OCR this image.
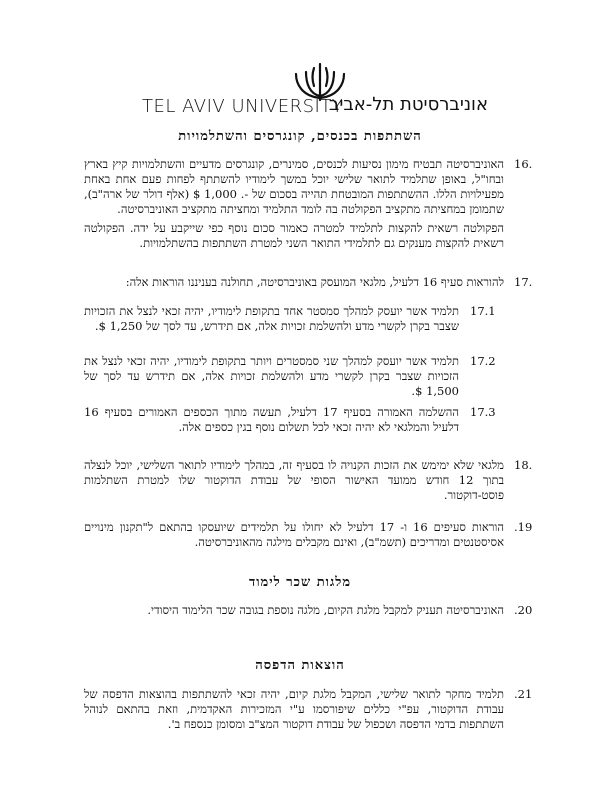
TEL AVIV UNIVERSITY
אוניברסיטת תל-אביב
השתתפות בכנסים, קונגרסים והשתלמויות
16.
האוניברסיטה תבטיח מימון נסיעות לכנסים, סמינרים, קונגרסים מדעיים והשתלמויות קיץ בארץ ובחו"ל, באופן שתלמיד לתואר שלישי יוכל במשך לימודיו להשתתף לפחות פעם אחת באחת מפעילויות הללו. ההשתתפות המובטחת תהייה בסכום של -. 1,000 $ (אלף דולר של ארה"ב), שתמומן במחציתה מתקציב הפקולטה בה לומד התלמיד ומחציתה מתקציב האוניברסיטה.
הפקולטה רשאית להקצות לתלמיד למטרה כאמור סכום נוסף כפי שייקבע על ידה. הפקולטה רשאית להקצות מענקים גם לתלמידי התואר השני למטרת השתתפות בהשתלמויות.
17.
להוראות סעיף 16 דלעיל, מלגאי המועסק באוניברסיטה, תחולנה בעניננו הוראות אלה:
17.1
תלמיד אשר יועסק למהלך סמסטר אחד בתקופת לימודיו, יהיה זכאי לנצל את הזכויות שצבר בקרן לקשרי מדע ולהשלמת זכויות אלה, אם תידרש, עד לסך של 1,250 $.
17.2
תלמיד אשר יועסק למהלך שני סמסטרים ויותר בתקופת לימודיו, יהיה זכאי לנצל את הזכויות שצבר בקרן לקשרי מדע ולהשלמת זכויות אלה, אם תידרש עד לסך של 1,500 $.
17.3
ההשלמה האמורה בסעיף 17 דלעיל, תעשה מתוך הכספים האמורים בסעיף 16 דלעיל והמלגאי לא יהיה זכאי לכל תשלום נוסף בגין כספים אלה.
18.
מלגאי שלא ימימש את הזכות הקנויה לו בסעיף זה, במהלך לימודיו לתואר השלישי, יוכל לנצלה בתוך 12 חודש ממועד האישור הסופי של עבודת הדוקטור שלו למטרת השתלמות פוסט-דוקטור.
.19
הוראות סעיפים 16 ו- 17 דלעיל לא יחולו על תלמידים שיועסקו בהתאם ל"תקנון מינויים אסיסטנטים ומדריכים (תשמ"ב), ואינם מקבלים מילגה מהאוניברסיטה.
מלגות שכר לימוד
.20
האוניברסיטה תעניק למקבל מלגת הקיום, מלגה נוספת בגובה שכר הלימוד היסודי.
הוצאות הדפסה
.21
תלמיד מחקר לתואר שלישי, המקבל מלגת קיום, יהיה זכאי להשתתפות בהוצאות הדפסה של עבודת הדוקטור, עפ"י כללים שיפורסמו ע"י המזכירות האקדמית, וזאת בהתאם לנוהל השתתפות בדמי הדפסה ושכפול של עבודת דוקטור המצ"ב ומסומן כנספח ב'.
